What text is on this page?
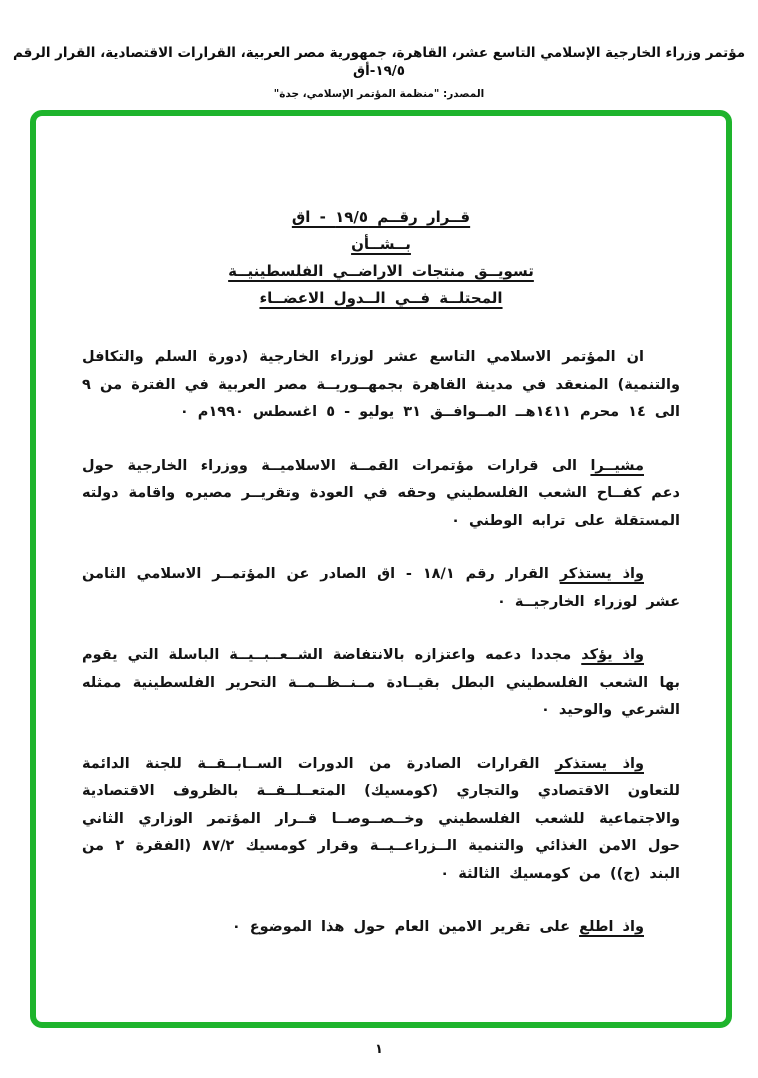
مؤتمر وزراء الخارجية الإسلامي التاسع عشر، القاهرة، جمهورية مصر العربية، القرارات الاقتصادية، القرار الرقم ١٩/٥-أق
المصدر: "منظمة المؤتمر الإسلامي، جدة"
قــرار رقــم ١٩/٥ - اق
بــشــأن
تسويــق منتجات الاراضــي الفلسطينيــة
المحتلــة فــي الــدول الاعضــاء

ان المؤتمر الاسلامي التاسع عشر لوزراء الخارجية (دورة السلم والتكافل والتنمية) المنعقد في مدينة القاهرة بجمهــوريــة مصر العربية في الفترة من ٩ الى ١٤ محرم ١٤١١هــ المــوافــق ٣١ يوليو - ٥ اغسطس ١٩٩٠م ٠

مشيــرا الى قرارات مؤتمرات القمــة الاسلاميــة ووزراء الخارجية حول دعم كفــاح الشعب الفلسطيني وحقه في العودة وتقريــر مصيره واقامة دولته المستقلة على ترابه الوطني ٠

واذ يستذكر القرار رقم ١٨/١ - اق الصادر عن المؤتمــر الاسلامي الثامن عشر لوزراء الخارجيــة ٠

واذ يؤكد مجددا دعمه واعتزازه بالانتفاضة الشــعــبــيــة الباسلة التي يقوم بها الشعب الفلسطيني البطل بقيــادة مــنــظــمــة التحرير الفلسطينية ممثله الشرعي والوحيد ٠

واذ يستذكر القرارات الصادرة من الدورات الســابــقــة للجنة الدائمة للتعاون الاقتصادي والتجاري (كومسيك) المتعــلــقــة بالظروف الاقتصادية والاجتماعية للشعب الفلسطيني وخــصــوصــا قــرار المؤتمر الوزاري الثاني حول الامن الغذائي والتنمية الــزراعــيــة وقرار كومسيك ٨٧/٢ (الفقرة ٢ من البند (ج)) من كومسيك الثالثة ٠

واذ اطلع على تقرير الامين العام حول هذا الموضوع ٠

١
